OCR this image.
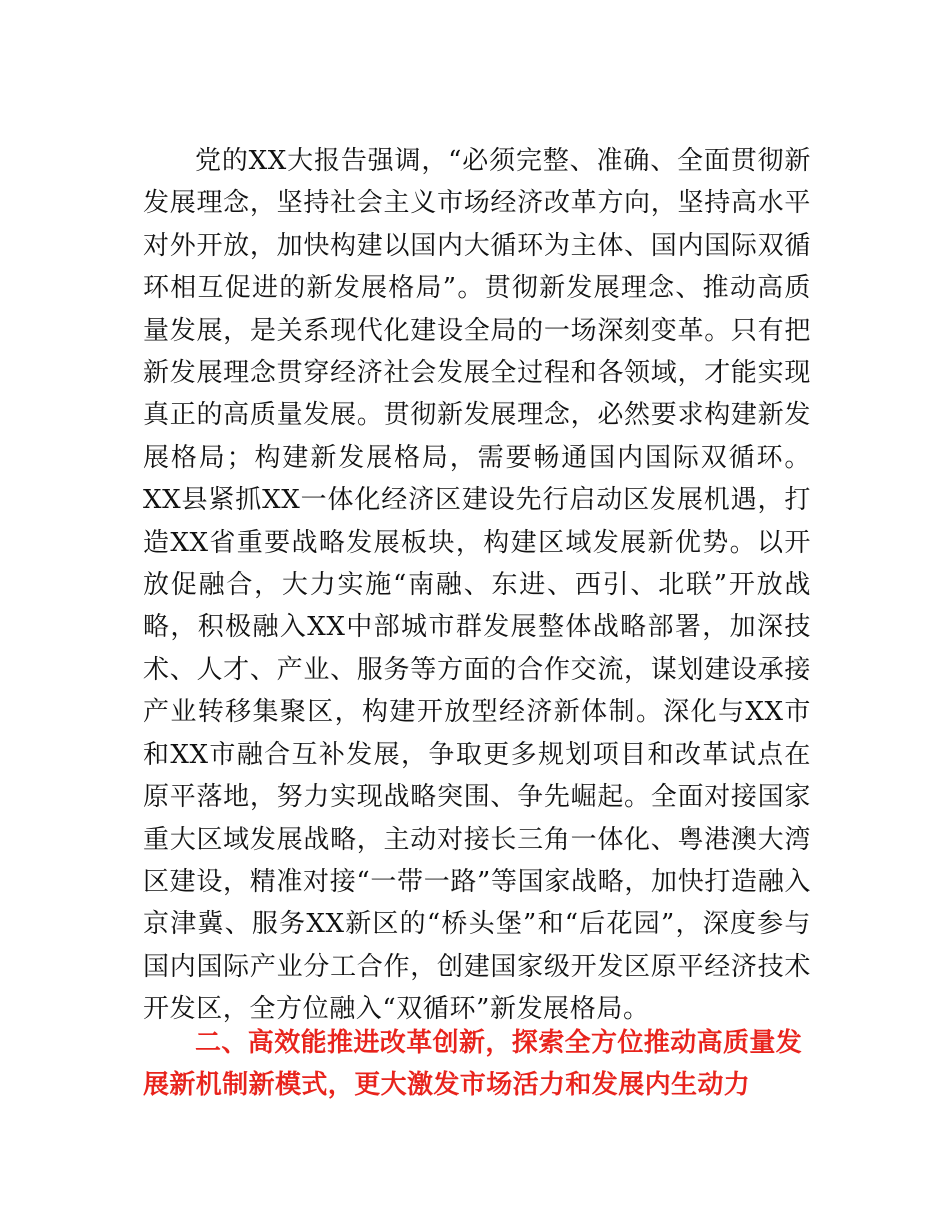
党的XX大报告强调，“必须完整、准确、全面贯彻新发展理念，坚持社会主义市场经济改革方向，坚持高水平对外开放，加快构建以国内大循环为主体、国内国际双循环相互促进的新发展格局”。贯彻新发展理念、推动高质量发展，是关系现代化建设全局的一场深刻变革。只有把新发展理念贯穿经济社会发展全过程和各领域，才能实现真正的高质量发展。贯彻新发展理念，必然要求构建新发展格局；构建新发展格局，需要畅通国内国际双循环。XX县紧抓XX一体化经济区建设先行启动区发展机遇，打造XX省重要战略发展板块，构建区域发展新优势。以开放促融合，大力实施“南融、东进、西引、北联”开放战略，积极融入XX中部城市群发展整体战略部署，加深技术、人才、产业、服务等方面的合作交流，谋划建设承接产业转移集聚区，构建开放型经济新体制。深化与XX市和XX市融合互补发展，争取更多规划项目和改革试点在原平落地，努力实现战略突围、争先崛起。全面对接国家重大区域发展战略，主动对接长三角一体化、粤港澳大湾区建设，精准对接“一带一路”等国家战略，加快打造融入京津冀、服务XX新区的“桥头堡”和“后花园”，深度参与国内国际产业分工合作，创建国家级开发区原平经济技术开发区，全方位融入“双循环”新发展格局。

二、高效能推进改革创新，探索全方位推动高质量发展新机制新模式，更大激发市场活力和发展内生动力
